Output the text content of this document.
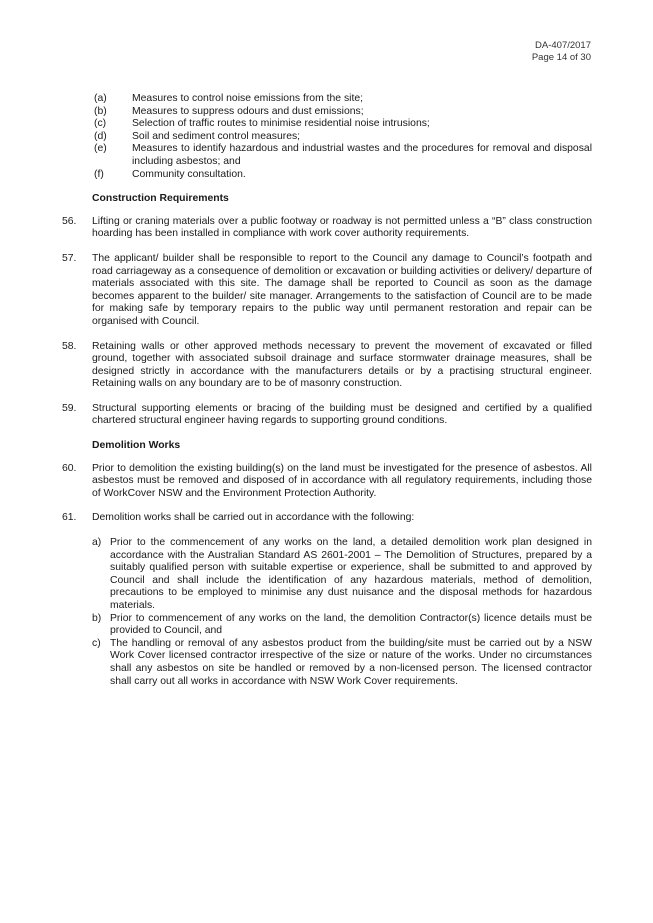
DA-407/2017
Page 14 of 30
(a)	Measures to control noise emissions from the site;
(b)	Measures to suppress odours and dust emissions;
(c)	Selection of traffic routes to minimise residential noise intrusions;
(d)	Soil and sediment control measures;
(e)	Measures to identify hazardous and industrial wastes and the procedures for removal and disposal including asbestos; and
(f)	Community consultation.
Construction Requirements
56.	Lifting or craning materials over a public footway or roadway is not permitted unless a “B” class construction hoarding has been installed in compliance with work cover authority requirements.
57.	The applicant/ builder shall be responsible to report to the Council any damage to Council’s footpath and road carriageway as a consequence of demolition or excavation or building activities or delivery/ departure of materials associated with this site. The damage shall be reported to Council as soon as the damage becomes apparent to the builder/ site manager. Arrangements to the satisfaction of Council are to be made for making safe by temporary repairs to the public way until permanent restoration and repair can be organised with Council.
58.	Retaining walls or other approved methods necessary to prevent the movement of excavated or filled ground, together with associated subsoil drainage and surface stormwater drainage measures, shall be designed strictly in accordance with the manufacturers details or by a practising structural engineer. Retaining walls on any boundary are to be of masonry construction.
59.	Structural supporting elements or bracing of the building must be designed and certified by a qualified chartered structural engineer having regards to supporting ground conditions.
Demolition Works
60.	Prior to demolition the existing building(s) on the land must be investigated for the presence of asbestos. All asbestos must be removed and disposed of in accordance with all regulatory requirements, including those of WorkCover NSW and the Environment Protection Authority.
61.	Demolition works shall be carried out in accordance with the following:
a) Prior to the commencement of any works on the land, a detailed demolition work plan designed in accordance with the Australian Standard AS 2601-2001 – The Demolition of Structures, prepared by a suitably qualified person with suitable expertise or experience, shall be submitted to and approved by Council and shall include the identification of any hazardous materials, method of demolition, precautions to be employed to minimise any dust nuisance and the disposal methods for hazardous materials.
b) Prior to commencement of any works on the land, the demolition Contractor(s) licence details must be provided to Council, and
c) The handling or removal of any asbestos product from the building/site must be carried out by a NSW Work Cover licensed contractor irrespective of the size or nature of the works. Under no circumstances shall any asbestos on site be handled or removed by a non-licensed person. The licensed contractor shall carry out all works in accordance with NSW Work Cover requirements.
